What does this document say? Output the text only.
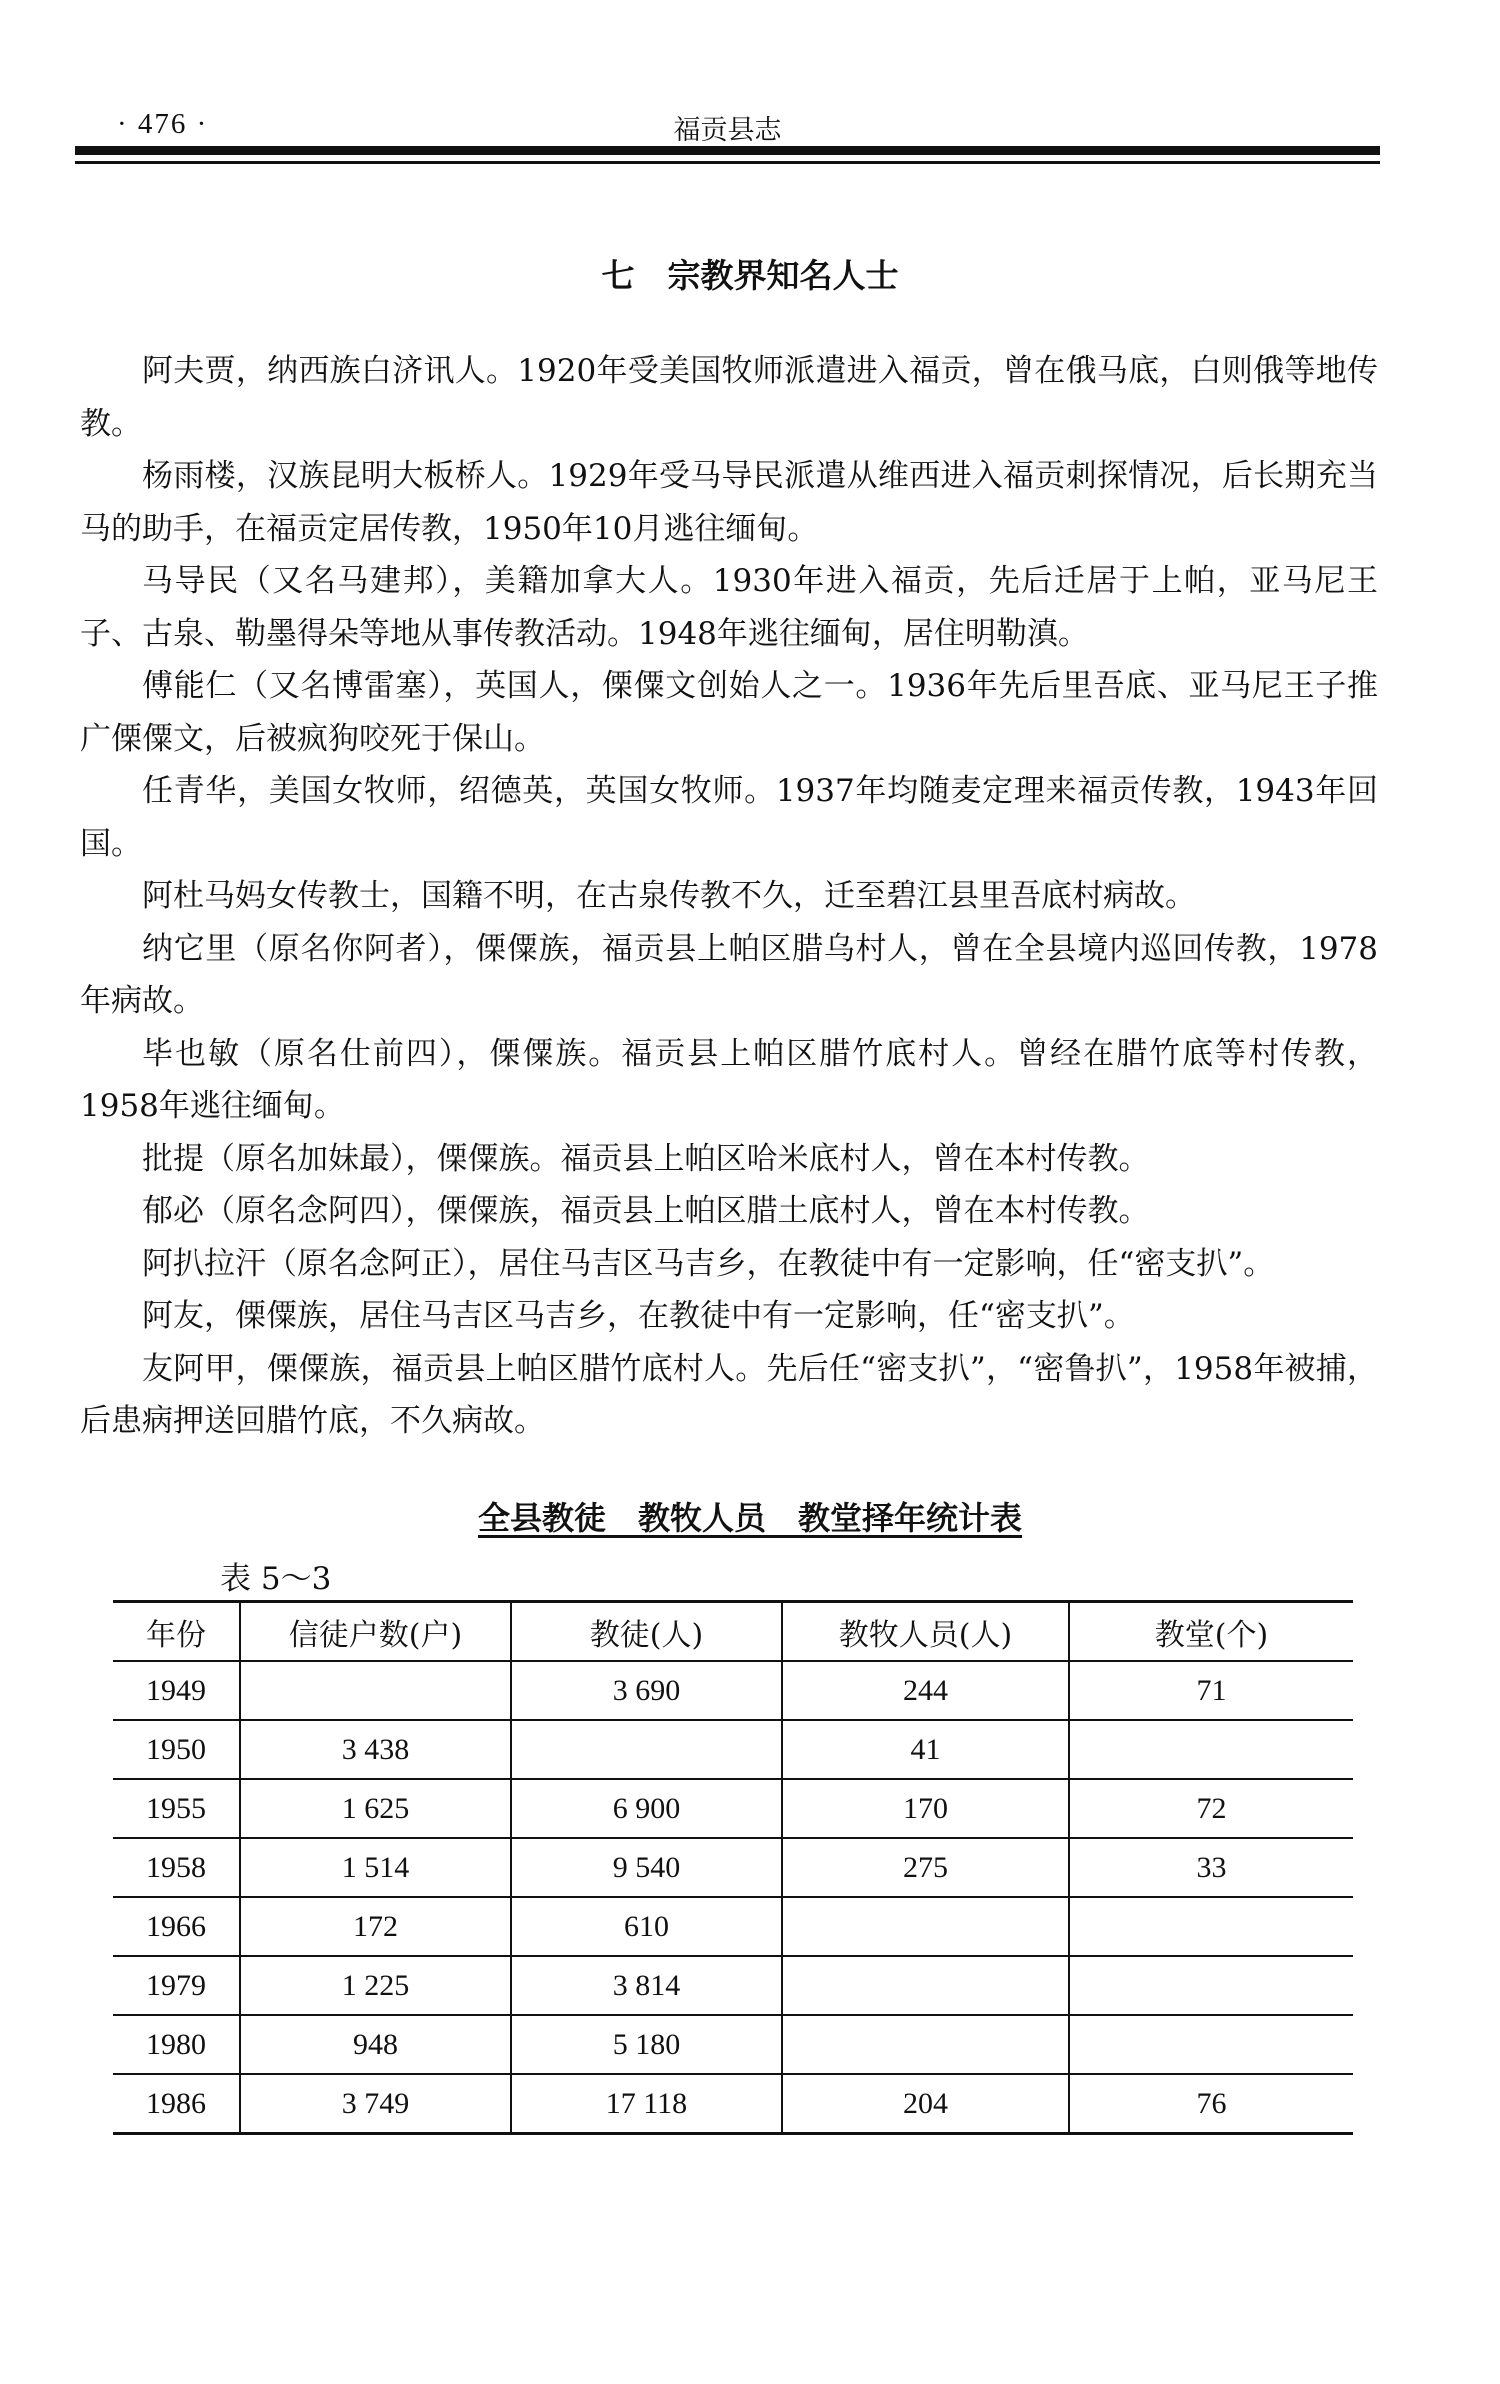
· 476 ·	福贡县志
七　宗教界知名人士

阿夫贾，纳西族白济讯人。1920年受美国牧师派遣进入福贡，曾在俄马底，白则俄等地传教。

杨雨楼，汉族昆明大板桥人。1929年受马导民派遣从维西进入福贡刺探情况，后长期充当马的助手，在福贡定居传教，1950年10月逃往缅甸。

马导民（又名马建邦），美籍加拿大人。1930年进入福贡，先后迁居于上帕，亚马尼王子、古泉、勒墨得朵等地从事传教活动。1948年逃往缅甸，居住明勒滇。

傅能仁（又名博雷塞），英国人，傈僳文创始人之一。1936年先后里吾底、亚马尼王子推广傈僳文，后被疯狗咬死于保山。

任青华，美国女牧师，绍德英，英国女牧师。1937年均随麦定理来福贡传教，1943年回国。

阿杜马妈女传教士，国籍不明，在古泉传教不久，迁至碧江县里吾底村病故。

纳它里（原名你阿者），傈僳族，福贡县上帕区腊乌村人，曾在全县境内巡回传教，1978年病故。

毕也敏（原名仕前四），傈僳族。福贡县上帕区腊竹底村人。曾经在腊竹底等村传教，1958年逃往缅甸。

批提（原名加妹最），傈僳族。福贡县上帕区哈米底村人，曾在本村传教。

郁必（原名念阿四），傈僳族，福贡县上帕区腊土底村人，曾在本村传教。

阿扒拉汗（原名念阿正），居住马吉区马吉乡，在教徒中有一定影响，任“密支扒”。

阿友，傈僳族，居住马吉区马吉乡，在教徒中有一定影响，任“密支扒”。

友阿甲，傈僳族，福贡县上帕区腊竹底村人。先后任“密支扒”，“密鲁扒”，1958年被捕，后患病押送回腊竹底，不久病故。

全县教徒　教牧人员　教堂择年统计表
表 5～3
年份	信徒户数(户)	教徒(人)	教牧人员(人)	教堂(个)
1949		3 690	244	71
1950	3 438		41	
1955	1 625	6 900	170	72
1958	1 514	9 540	275	33
1966	172	610		
1979	1 225	3 814		
1980	948	5 180		
1986	3 749	17 118	204	76
